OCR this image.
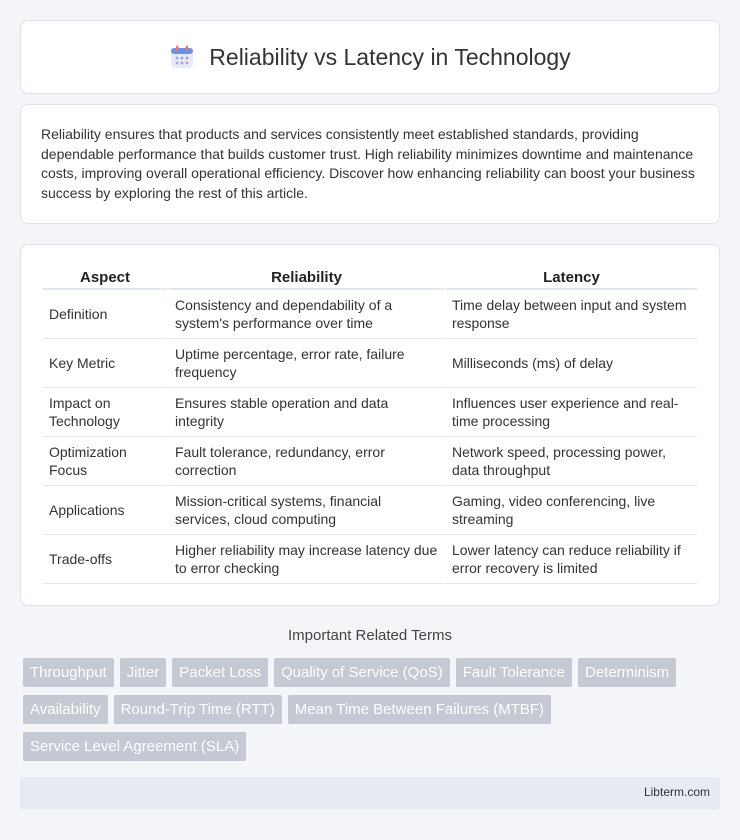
Reliability vs Latency in Technology

Reliability ensures that products and services consistently meet established standards, providing dependable performance that builds customer trust. High reliability minimizes downtime and maintenance costs, improving overall operational efficiency. Discover how enhancing reliability can boost your business success by exploring the rest of this article.

Aspect	Reliability	Latency
Definition	Consistency and dependability of a system's performance over time	Time delay between input and system response
Key Metric	Uptime percentage, error rate, failure frequency	Milliseconds (ms) of delay
Impact on Technology	Ensures stable operation and data integrity	Influences user experience and real-time processing
Optimization Focus	Fault tolerance, redundancy, error correction	Network speed, processing power, data throughput
Applications	Mission-critical systems, financial services, cloud computing	Gaming, video conferencing, live streaming
Trade-offs	Higher reliability may increase latency due to error checking	Lower latency can reduce reliability if error recovery is limited
Important Related Terms
Throughput	Jitter	Packet Loss	Quality of Service (QoS)	Fault Tolerance	Determinism
Availability	Round-Trip Time (RTT)	Mean Time Between Failures (MTBF)
Service Level Agreement (SLA)
Libterm.com
